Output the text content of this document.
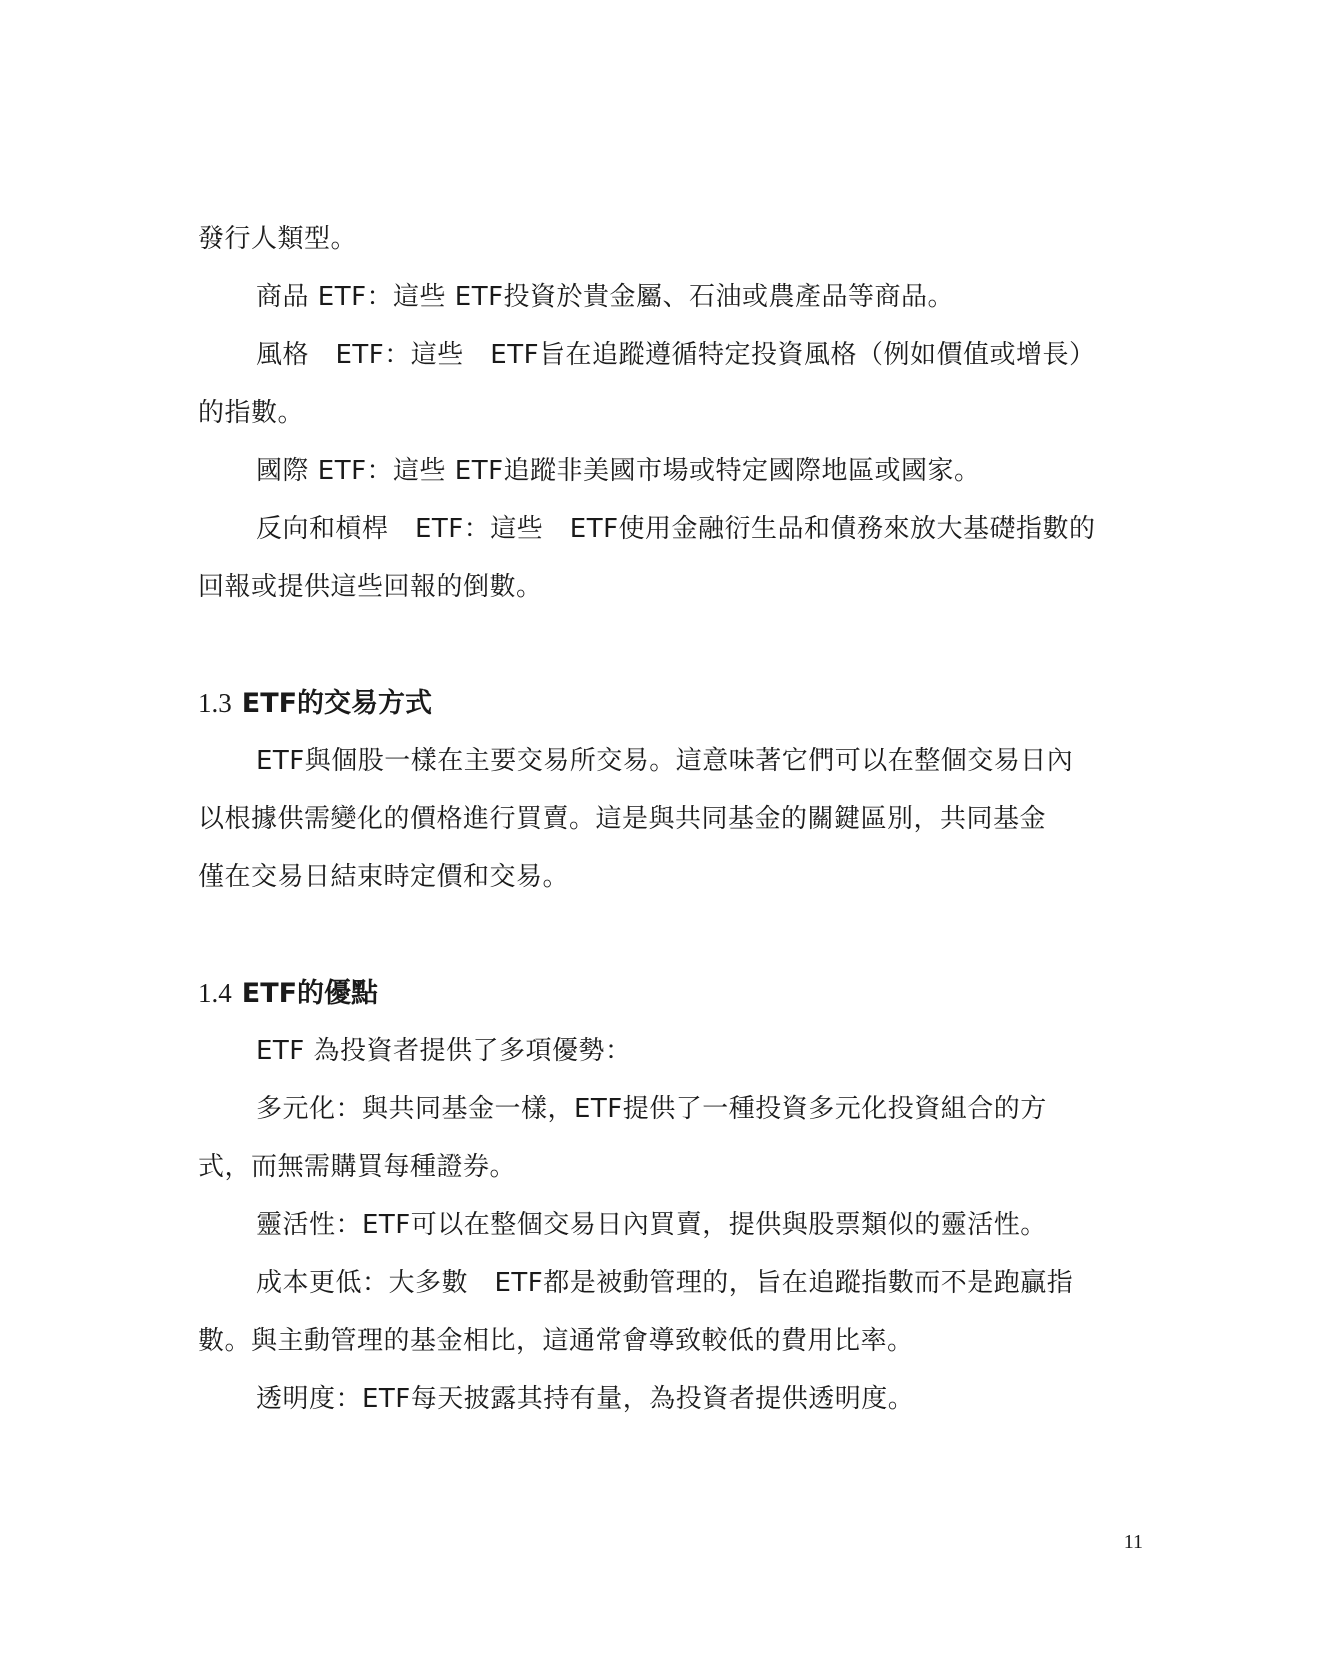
發行人類型。
商品 ETF：這些 ETF投資於貴金屬、石油或農產品等商品。
風格　ETF：這些　ETF旨在追蹤遵循特定投資風格（例如價值或增長）
的指數。
國際 ETF：這些 ETF追蹤非美國市場或特定國際地區或國家。
反向和槓桿　ETF：這些　ETF使用金融衍生品和債務來放大基礎指數的
回報或提供這些回報的倒數。
1.3 ETF的交易方式
ETF與個股一樣在主要交易所交易。這意味著它們可以在整個交易日內
以根據供需變化的價格進行買賣。這是與共同基金的關鍵區別，共同基金
僅在交易日結束時定價和交易。
1.4 ETF的優點
ETF 為投資者提供了多項優勢：
多元化：與共同基金一樣，ETF提供了一種投資多元化投資組合的方
式，而無需購買每種證券。
靈活性：ETF可以在整個交易日內買賣，提供與股票類似的靈活性。
成本更低：大多數　ETF都是被動管理的，旨在追蹤指數而不是跑贏指
數。與主動管理的基金相比，這通常會導致較低的費用比率。
透明度：ETF每天披露其持有量，為投資者提供透明度。
11
